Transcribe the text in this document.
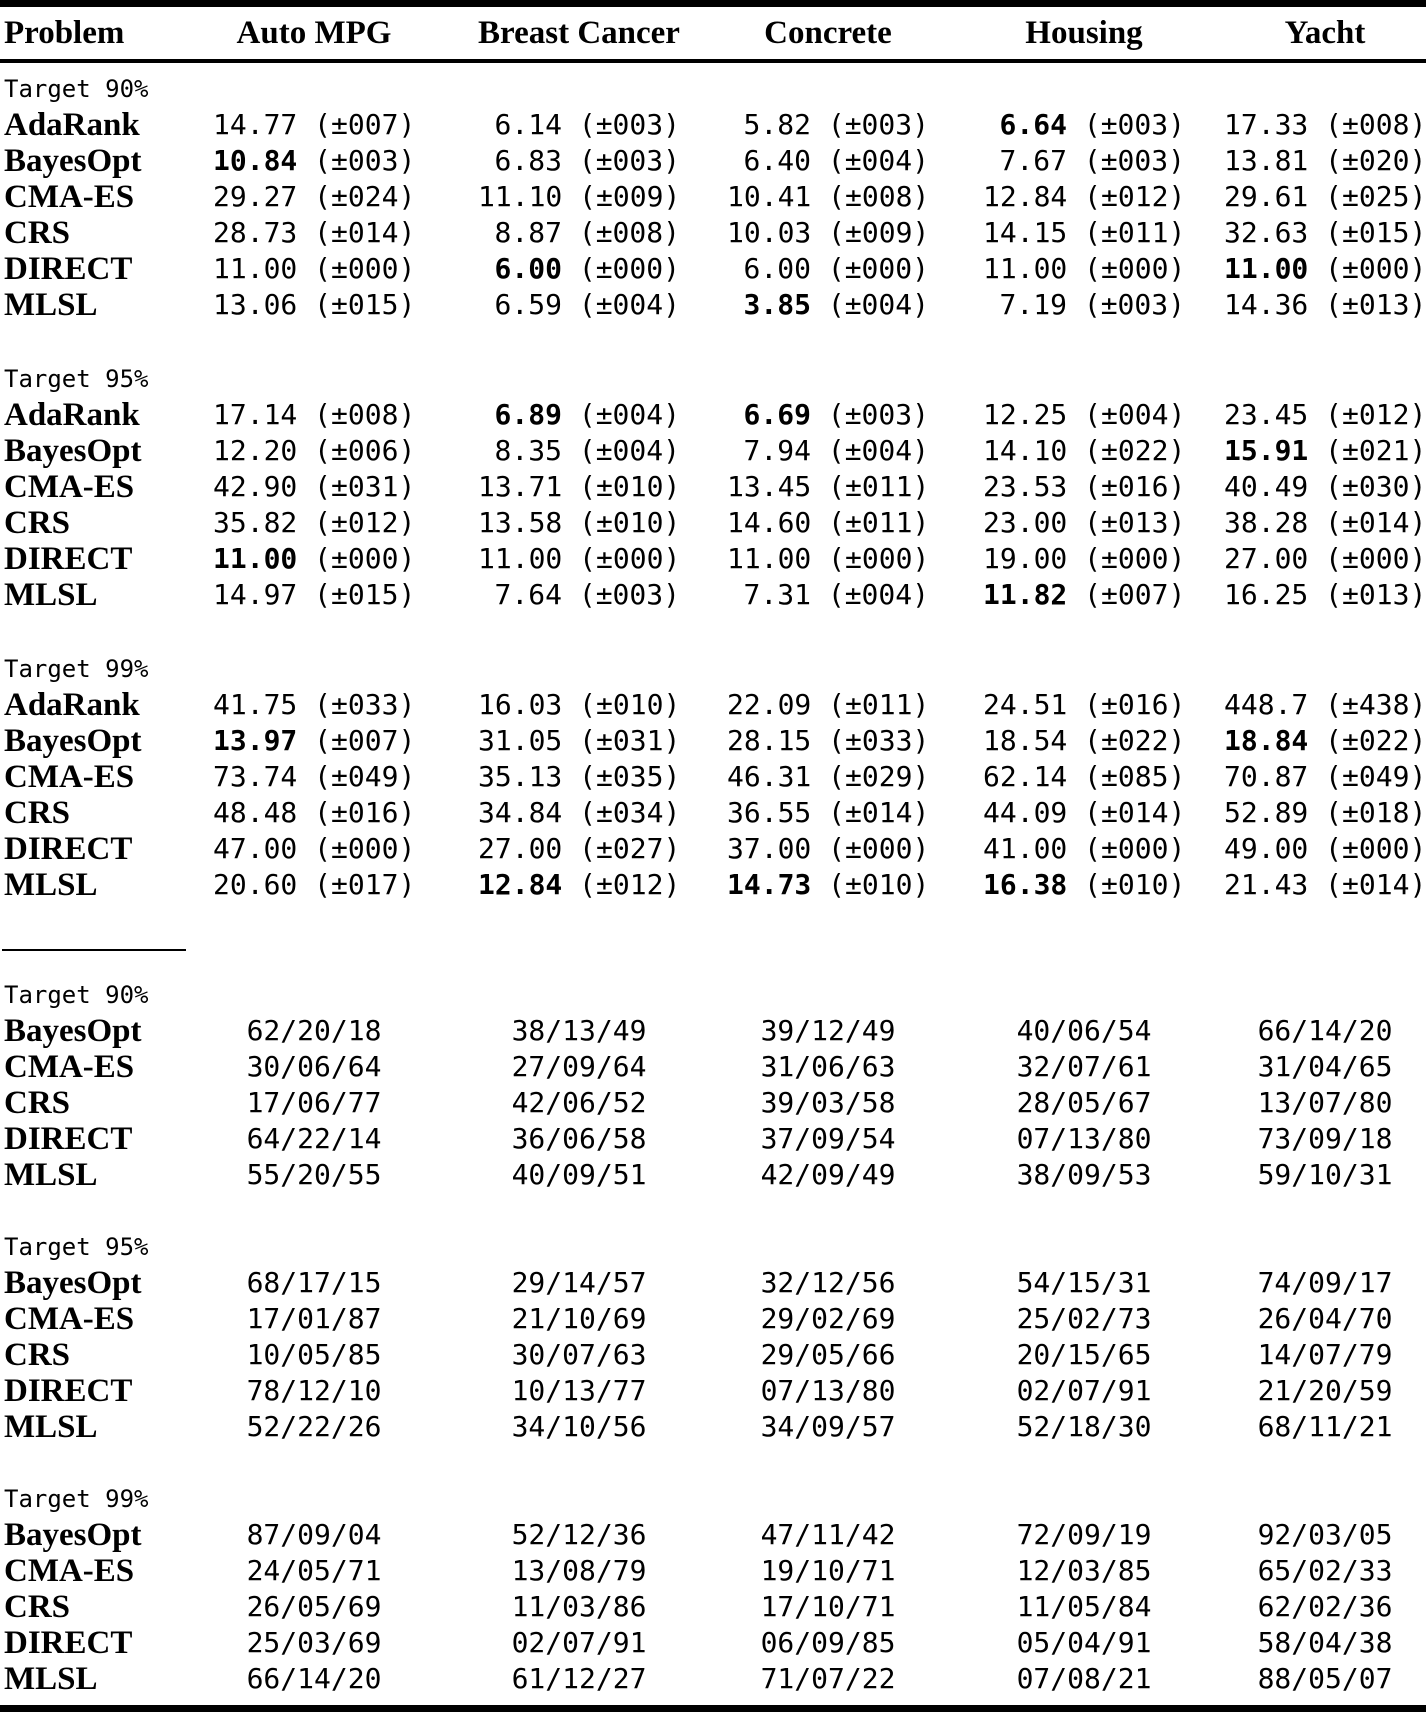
Problem	Auto MPG	Breast Cancer	Concrete	Housing	Yacht
Target 90%
AdaRank	14.77 (±007)	6.14 (±003)	5.82 (±003)	6.64 (±003)	17.33 (±008)
BayesOpt	10.84 (±003)	6.83 (±003)	6.40 (±004)	7.67 (±003)	13.81 (±020)
CMA-ES	29.27 (±024)	11.10 (±009)	10.41 (±008)	12.84 (±012)	29.61 (±025)
CRS	28.73 (±014)	8.87 (±008)	10.03 (±009)	14.15 (±011)	32.63 (±015)
DIRECT	11.00 (±000)	6.00 (±000)	6.00 (±000)	11.00 (±000)	11.00 (±000)
MLSL	13.06 (±015)	6.59 (±004)	3.85 (±004)	7.19 (±003)	14.36 (±013)
Target 95%
AdaRank	17.14 (±008)	6.89 (±004)	6.69 (±003)	12.25 (±004)	23.45 (±012)
BayesOpt	12.20 (±006)	8.35 (±004)	7.94 (±004)	14.10 (±022)	15.91 (±021)
CMA-ES	42.90 (±031)	13.71 (±010)	13.45 (±011)	23.53 (±016)	40.49 (±030)
CRS	35.82 (±012)	13.58 (±010)	14.60 (±011)	23.00 (±013)	38.28 (±014)
DIRECT	11.00 (±000)	11.00 (±000)	11.00 (±000)	19.00 (±000)	27.00 (±000)
MLSL	14.97 (±015)	7.64 (±003)	7.31 (±004)	11.82 (±007)	16.25 (±013)
Target 99%
AdaRank	41.75 (±033)	16.03 (±010)	22.09 (±011)	24.51 (±016)	448.7 (±438)
BayesOpt	13.97 (±007)	31.05 (±031)	28.15 (±033)	18.54 (±022)	18.84 (±022)
CMA-ES	73.74 (±049)	35.13 (±035)	46.31 (±029)	62.14 (±085)	70.87 (±049)
CRS	48.48 (±016)	34.84 (±034)	36.55 (±014)	44.09 (±014)	52.89 (±018)
DIRECT	47.00 (±000)	27.00 (±027)	37.00 (±000)	41.00 (±000)	49.00 (±000)
MLSL	20.60 (±017)	12.84 (±012)	14.73 (±010)	16.38 (±010)	21.43 (±014)
Target 90%
BayesOpt	62/20/18	38/13/49	39/12/49	40/06/54	66/14/20
CMA-ES	30/06/64	27/09/64	31/06/63	32/07/61	31/04/65
CRS	17/06/77	42/06/52	39/03/58	28/05/67	13/07/80
DIRECT	64/22/14	36/06/58	37/09/54	07/13/80	73/09/18
MLSL	55/20/55	40/09/51	42/09/49	38/09/53	59/10/31
Target 95%
BayesOpt	68/17/15	29/14/57	32/12/56	54/15/31	74/09/17
CMA-ES	17/01/87	21/10/69	29/02/69	25/02/73	26/04/70
CRS	10/05/85	30/07/63	29/05/66	20/15/65	14/07/79
DIRECT	78/12/10	10/13/77	07/13/80	02/07/91	21/20/59
MLSL	52/22/26	34/10/56	34/09/57	52/18/30	68/11/21
Target 99%
BayesOpt	87/09/04	52/12/36	47/11/42	72/09/19	92/03/05
CMA-ES	24/05/71	13/08/79	19/10/71	12/03/85	65/02/33
CRS	26/05/69	11/03/86	17/10/71	11/05/84	62/02/36
DIRECT	25/03/69	02/07/91	06/09/85	05/04/91	58/04/38
MLSL	66/14/20	61/12/27	71/07/22	07/08/21	88/05/07
